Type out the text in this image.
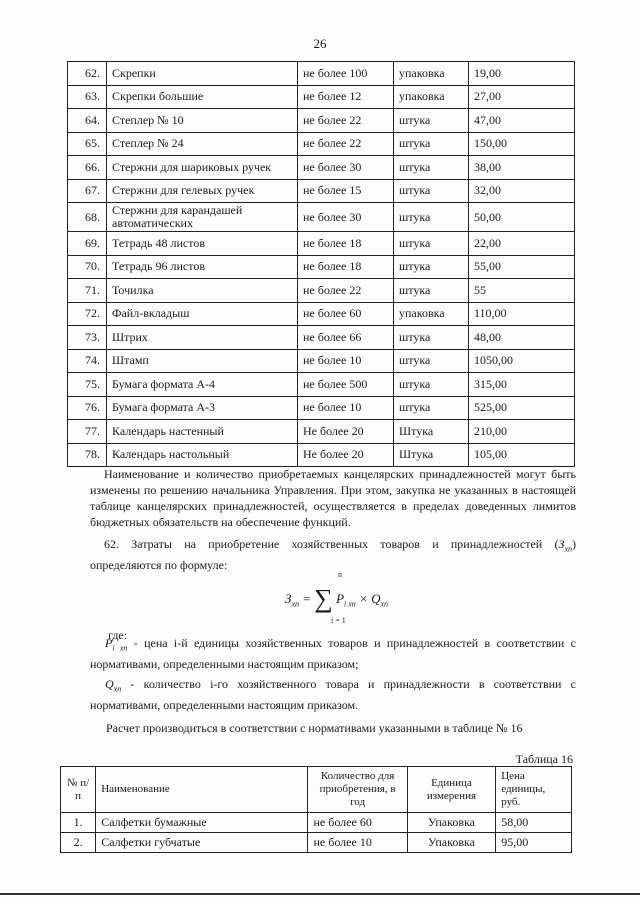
26
62.	Скрепки	не более 100	упаковка	19,00
63.	Скрепки большие	не более 12	упаковка	27,00
64.	Степлер № 10	не более 22	штука	47,00
65.	Степлер № 24	не более 22	штука	150,00
66.	Стержни для шариковых ручек	не более 30	штука	38,00
67.	Стержни для гелевых ручек	не более 15	штука	32,00
68.	Стержни для карандашей автоматических	не более 30	штука	50,00
69.	Тетрадь 48 листов	не более 18	штука	22,00
70.	Тетрадь 96 листов	не более 18	штука	55,00
71.	Точилка	не более 22	штука	55
72.	Файл-вкладыш	не более 60	упаковка	110,00
73.	Штрих	не более 66	штука	48,00
74.	Штамп	не более 10	штука	1050,00
75.	Бумага формата А-4	не более 500	штука	315,00
76.	Бумага формата А-3	не более 10	штука	525,00
77.	Календарь настенный	Не более 20	Штука	210,00
78.	Календарь настольный	Не более 20	Штука	105,00
Наименование и количество приобретаемых канцелярских принадлежностей могут быть изменены по решению начальника Управления. При этом, закупка не указанных в настоящей таблице канцелярских принадлежностей, осуществляется в пределах доведенных лимитов бюджетных обязательств на обеспечение функций.
62. Затраты на приобретение хозяйственных товаров и принадлежностей $(З_{хп})$ определяются по формуле:
$З_{хп}$ = ∑
n
i = 1
$P_{i хп} \times Q_{хп}$
где:
$P_{i хп}$ - цена i-й единицы хозяйственных товаров и принадлежностей в соответствии с нормативами, определенными настоящим приказом;
$Q_{хп}$ - количество i-го хозяйственного товара и принадлежности в соответствии с нормативами, определенными настоящим приказом.
Расчет производиться в соответствии с нормативами указанными в таблице № 16
Таблица 16
№ п/п	Наименование	Количество для приобретения, в год	Единица измерения	Цена единицы, руб.
1.	Салфетки бумажные	не более 60	Упаковка	58,00
2.	Салфетки губчатые	не более 10	Упаковка	95,00
